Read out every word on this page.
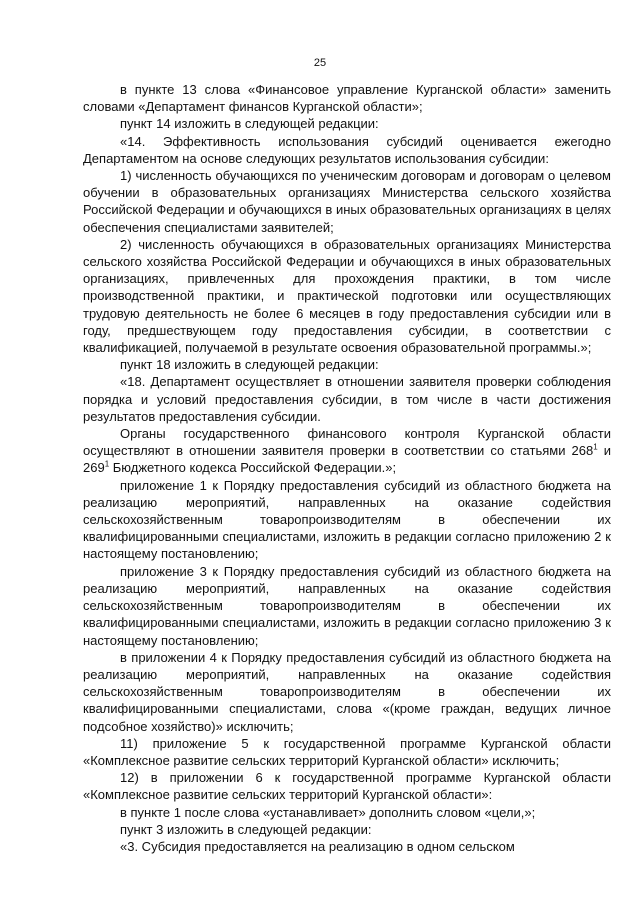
25

в пункте 13 слова «Финансовое управление Курганской области» заменить словами «Департамент финансов Курганской области»;

пункт 14 изложить в следующей редакции:

«14. Эффективность использования субсидий оценивается ежегодно Департаментом на основе следующих результатов использования субсидии:

1) численность обучающихся по ученическим договорам и договорам о целевом обучении в образовательных организациях Министерства сельского хозяйства Российской Федерации и обучающихся в иных образовательных организациях в целях обеспечения специалистами заявителей;

2) численность обучающихся в образовательных организациях Министерства сельского хозяйства Российской Федерации и обучающихся в иных образовательных организациях, привлеченных для прохождения практики, в том числе производственной практики, и практической подготовки или осуществляющих трудовую деятельность не более 6 месяцев в году предоставления субсидии или в году, предшествующем году предоставления субсидии, в соответствии с квалификацией, получаемой в результате освоения образовательной программы.»;

пункт 18 изложить в следующей редакции:

«18. Департамент осуществляет в отношении заявителя проверки соблюдения порядка и условий предоставления субсидии, в том числе в части достижения результатов предоставления субсидии.

Органы государственного финансового контроля Курганской области осуществляют в отношении заявителя проверки в соответствии со статьями $268^1$ и $269^1$ Бюджетного кодекса Российской Федерации.»;

приложение 1 к Порядку предоставления субсидий из областного бюджета на реализацию мероприятий, направленных на оказание содействия сельскохозяйственным товаропроизводителям в обеспечении их квалифицированными специалистами, изложить в редакции согласно приложению 2 к настоящему постановлению;

приложение 3 к Порядку предоставления субсидий из областного бюджета на реализацию мероприятий, направленных на оказание содействия сельскохозяйственным товаропроизводителям в обеспечении их квалифицированными специалистами, изложить в редакции согласно приложению 3 к настоящему постановлению;

в приложении 4 к Порядку предоставления субсидий из областного бюджета на реализацию мероприятий, направленных на оказание содействия сельскохозяйственным товаропроизводителям в обеспечении их квалифицированными специалистами, слова «(кроме граждан, ведущих личное подсобное хозяйство)» исключить;

11) приложение 5 к государственной программе Курганской области «Комплексное развитие сельских территорий Курганской области» исключить;

12) в приложении 6 к государственной программе Курганской области «Комплексное развитие сельских территорий Курганской области»:

в пункте 1 после слова «устанавливает» дополнить словом «цели,»;

пункт 3 изложить в следующей редакции:

«3. Субсидия предоставляется на реализацию в одном сельском
